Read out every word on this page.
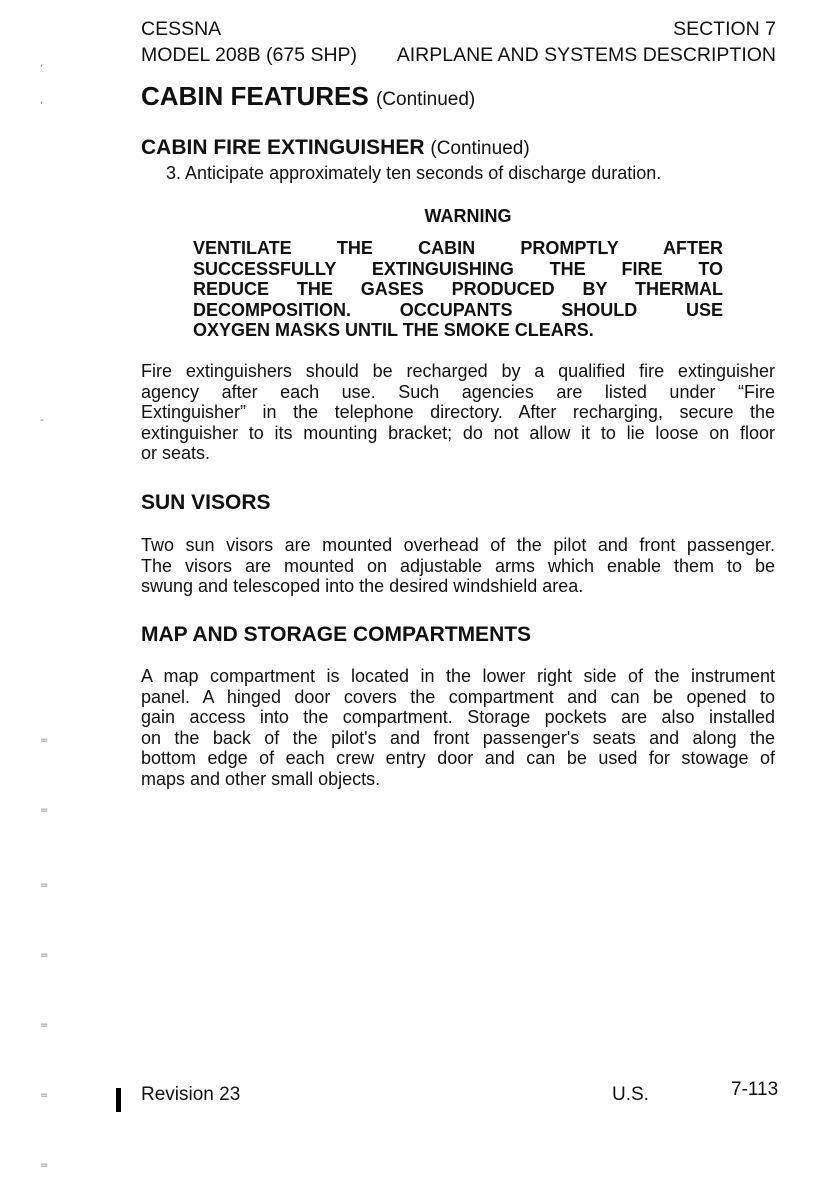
,
,
-
=
=
=
=
=
=
=
CESSNA
MODEL 208B (675 SHP)
SECTION 7
AIRPLANE AND SYSTEMS DESCRIPTION
CABIN FEATURES (Continued)
CABIN FIRE EXTINGUISHER (Continued)
3. Anticipate approximately ten seconds of discharge duration.
WARNING
VENTILATE THE CABIN PROMPTLY AFTER
SUCCESSFULLY EXTINGUISHING THE FIRE TO
REDUCE THE GASES PRODUCED BY THERMAL
DECOMPOSITION. OCCUPANTS SHOULD USE
OXYGEN MASKS UNTIL THE SMOKE CLEARS.
Fire extinguishers should be recharged by a qualified fire extinguisher
agency after each use. Such agencies are listed under “Fire
Extinguisher” in the telephone directory. After recharging, secure the
extinguisher to its mounting bracket; do not allow it to lie loose on floor
or seats.
SUN VISORS
Two sun visors are mounted overhead of the pilot and front passenger.
The visors are mounted on adjustable arms which enable them to be
swung and telescoped into the desired windshield area.
MAP AND STORAGE COMPARTMENTS
A map compartment is located in the lower right side of the instrument
panel. A hinged door covers the compartment and can be opened to
gain access into the compartment. Storage pockets are also installed
on the back of the pilot's and front passenger's seats and along the
bottom edge of each crew entry door and can be used for stowage of
maps and other small objects.
Revision 23	U.S.	7-113
